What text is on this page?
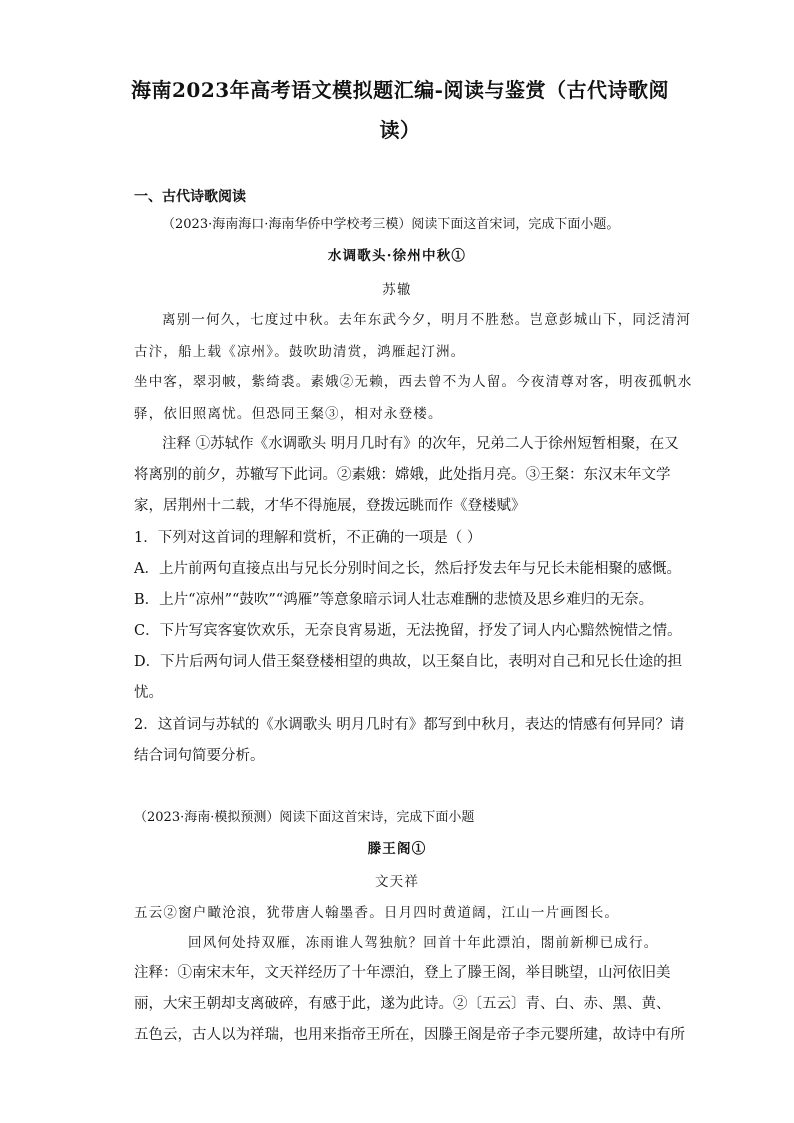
海南2023年高考语文模拟题汇编-阅读与鉴赏（古代诗歌阅
读）
一、古代诗歌阅读
（2023·海南海口·海南华侨中学校考三模）阅读下面这首宋词，完成下面小题。
水调歌头·徐州中秋①
苏辙
离别一何久，七度过中秋。去年东武今夕，明月不胜愁。岂意彭城山下，同泛清河
古汴，船上载《凉州》。鼓吹助清赏，鸿雁起汀洲。
坐中客，翠羽帔，紫绮裘。素娥②无赖，西去曾不为人留。今夜清尊对客，明夜孤帆水
驿，依旧照离忧。但恐同王粲③，相对永登楼。
注释 ①苏轼作《水调歌头 明月几时有》的次年，兄弟二人于徐州短暂相聚，在又
将离别的前夕，苏辙写下此词。②素娥：嫦娥，此处指月亮。③王粲：东汉末年文学
家，居荆州十二载，才华不得施展，登拨远眺而作《登楼赋》
1．下列对这首词的理解和赏析，不正确的一项是（ ）
A．上片前两句直接点出与兄长分别时间之长，然后抒发去年与兄长未能相聚的感慨。
B．上片“凉州”“鼓吹”“鸿雁”等意象暗示词人壮志难酬的悲愤及思乡难归的无奈。
C．下片写宾客宴饮欢乐，无奈良宵易逝，无法挽留，抒发了词人内心黯然惋惜之情。
D．下片后两句词人借王粲登楼相望的典故，以王粲自比，表明对自己和兄长仕途的担
忧。
2．这首词与苏轼的《水调歌头 明月几时有》都写到中秋月，表达的情感有何异同？请
结合词句简要分析。
（2023·海南·模拟预测）阅读下面这首宋诗，完成下面小题
滕王阁①
文天祥
五云②窗户瞰沧浪，犹带唐人翰墨香。日月四时黄道阔，江山一片画图长。
回风何处持双雁，冻雨谁人驾独航？回首十年此漂泊，閤前新柳已成行。
注释：①南宋末年，文天祥经历了十年漂泊，登上了滕王阁，举目眺望，山河依旧美
丽，大宋王朝却支离破碎，有感于此，遂为此诗。②〔五云〕青、白、赤、黑、黄、
五色云，古人以为祥瑞，也用来指帝王所在，因滕王阁是帝子李元婴所建，故诗中有所
